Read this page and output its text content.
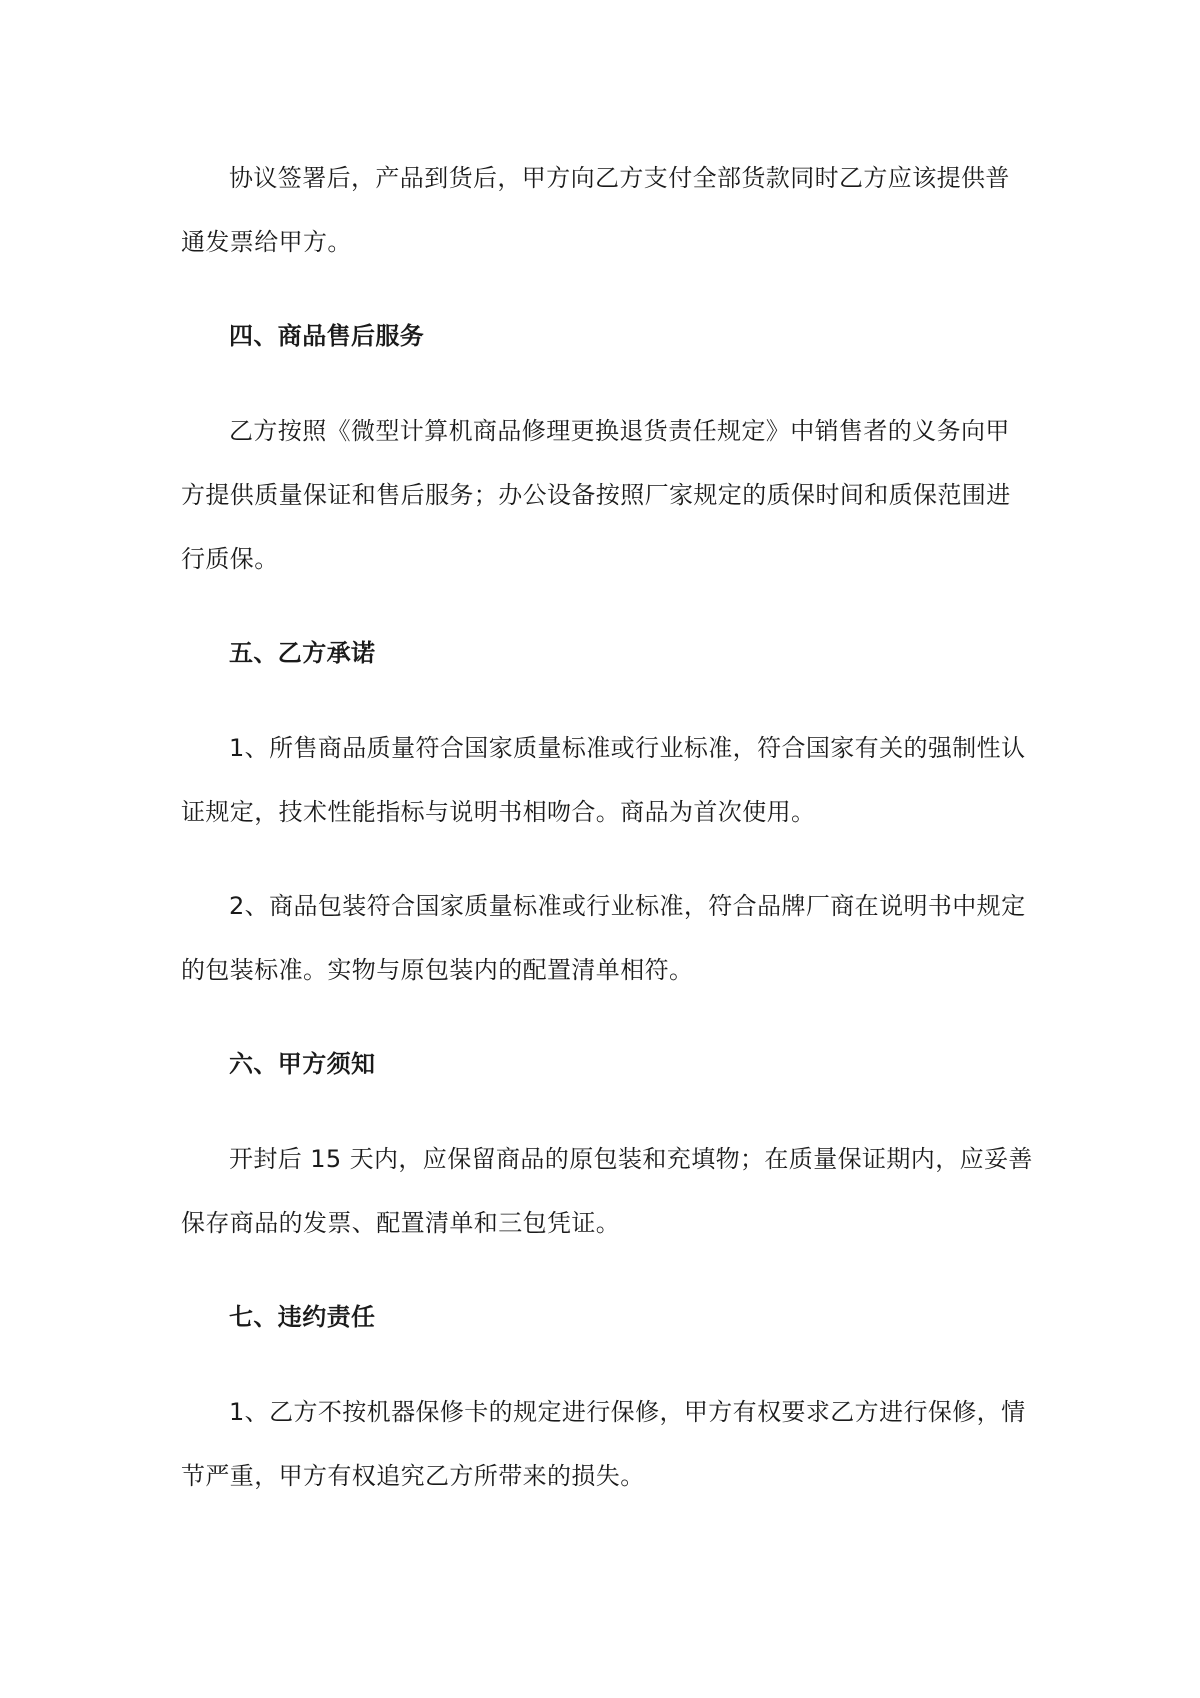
协议签署后，产品到货后，甲方向乙方支付全部货款同时乙方应该提供普
通发票给甲方。

四、商品售后服务

乙方按照《微型计算机商品修理更换退货责任规定》中销售者的义务向甲
方提供质量保证和售后服务；办公设备按照厂家规定的质保时间和质保范围进
行质保。

五、乙方承诺

1、所售商品质量符合国家质量标准或行业标准，符合国家有关的强制性认
证规定，技术性能指标与说明书相吻合。商品为首次使用。

2、商品包装符合国家质量标准或行业标准，符合品牌厂商在说明书中规定
的包装标准。实物与原包装内的配置清单相符。

六、甲方须知

开封后 15 天内，应保留商品的原包装和充填物；在质量保证期内，应妥善
保存商品的发票、配置清单和三包凭证。

七、违约责任

1、乙方不按机器保修卡的规定进行保修，甲方有权要求乙方进行保修，情
节严重，甲方有权追究乙方所带来的损失。
